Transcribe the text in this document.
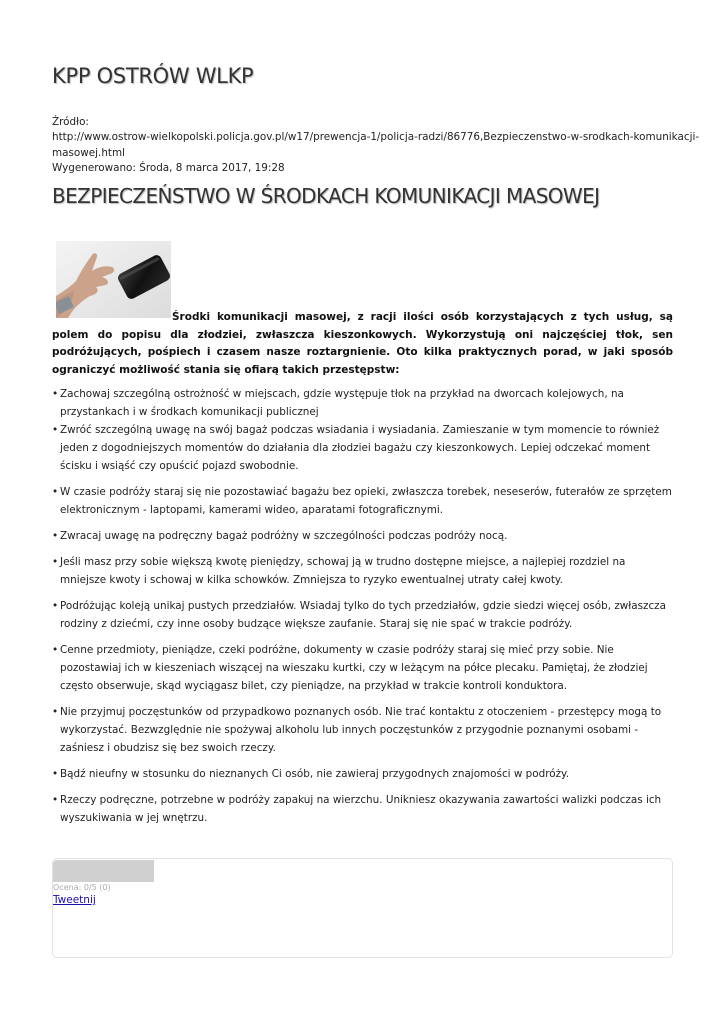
KPP OSTRÓW WLKP
Źródło:
http://www.ostrow-wielkopolski.policja.gov.pl/w17/prewencja-1/policja-radzi/86776,Bezpieczenstwo-w-srodkach-komunikacji-
masowej.html
Wygenerowano: Środa, 8 marca 2017, 19:28
BEZPIECZEŃSTWO W ŚRODKACH KOMUNIKACJI MASOWEJ

Środki komunikacji masowej, z racji ilości osób korzystających z tych usług, są polem do popisu dla złodziei, zwłaszcza kieszonkowych. Wykorzystują oni najczęściej tłok, sen podróżujących, pośpiech i czasem nasze roztargnienie. Oto kilka praktycznych porad, w jaki sposób ograniczyć możliwość stania się ofiarą takich przestępstw:

• Zachowaj szczególną ostrożność w miejscach, gdzie występuje tłok na przykład na dworcach kolejowych, na przystankach i w środkach komunikacji publicznej
• Zwróć szczególną uwagę na swój bagaż podczas wsiadania i wysiadania. Zamieszanie w tym momencie to również jeden z dogodniejszych momentów do działania dla złodziei bagażu czy kieszonkowych. Lepiej odczekać moment ścisku i wsiąść czy opuścić pojazd swobodnie.
• W czasie podróży staraj się nie pozostawiać bagażu bez opieki, zwłaszcza torebek, neseserów, futerałów ze sprzętem elektronicznym - laptopami, kamerami wideo, aparatami fotograficznymi.
• Zwracaj uwagę na podręczny bagaż podróżny w szczególności podczas podróży nocą.
• Jeśli masz przy sobie większą kwotę pieniędzy, schowaj ją w trudno dostępne miejsce, a najlepiej rozdziel na mniejsze kwoty i schowaj w kilka schowków. Zmniejsza to ryzyko ewentualnej utraty całej kwoty.
• Podróżując koleją unikaj pustych przedziałów. Wsiadaj tylko do tych przedziałów, gdzie siedzi więcej osób, zwłaszcza rodziny z dziećmi, czy inne osoby budzące większe zaufanie. Staraj się nie spać w trakcie podróży.
• Cenne przedmioty, pieniądze, czeki podróżne, dokumenty w czasie podróży staraj się mieć przy sobie. Nie pozostawiaj ich w kieszeniach wiszącej na wieszaku kurtki, czy w leżącym na półce plecaku. Pamiętaj, że złodziej często obserwuje, skąd wyciągasz bilet, czy pieniądze, na przykład w trakcie kontroli konduktora.
• Nie przyjmuj poczęstunków od przypadkowo poznanych osób. Nie trać kontaktu z otoczeniem - przestępcy mogą to wykorzystać. Bezwzględnie nie spożywaj alkoholu lub innych poczęstunków z przygodnie poznanymi osobami - zaśniesz i obudzisz się bez swoich rzeczy.
• Bądź nieufny w stosunku do nieznanych Ci osób, nie zawieraj przygodnych znajomości w podróży.
• Rzeczy podręczne, potrzebne w podróży zapakuj na wierzchu. Unikniesz okazywania zawartości walizki podczas ich wyszukiwania w jej wnętrzu.
Ocena: 0/5 (0)
Tweetnij
